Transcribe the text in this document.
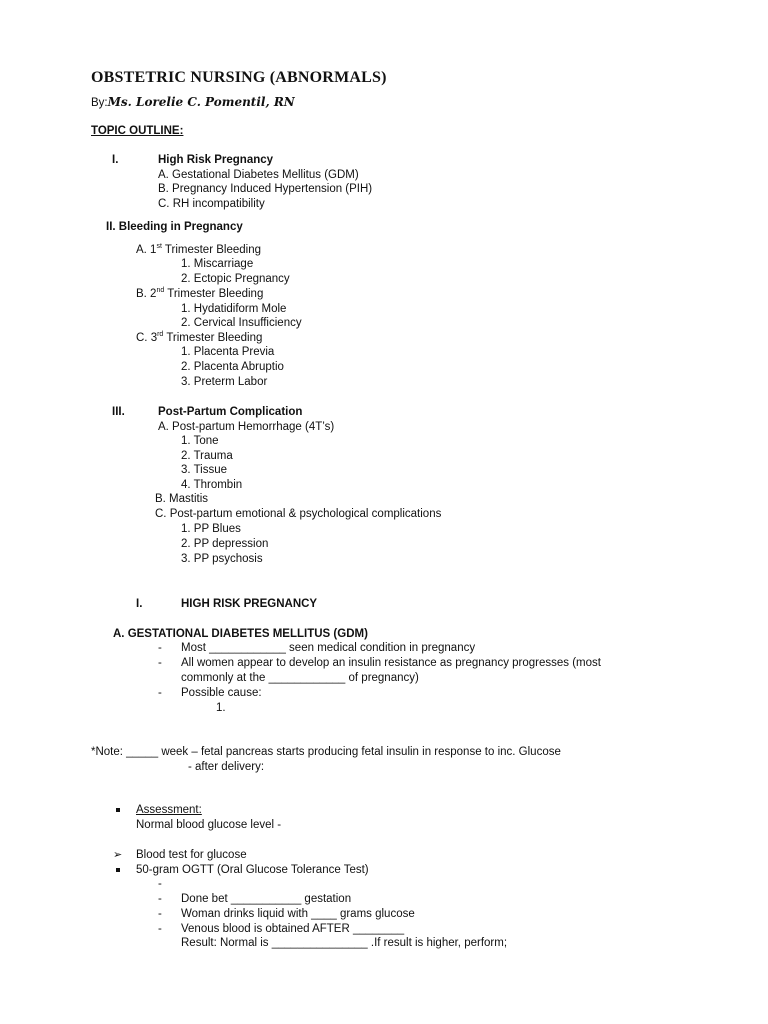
OBSTETRIC NURSING (ABNORMALS)
By:Ms. Lorelie C. Pomentil, RN
TOPIC OUTLINE:
I.	High Risk Pregnancy
A. Gestational Diabetes Mellitus (GDM)
B. Pregnancy Induced Hypertension (PIH)
C. RH incompatibility
II. Bleeding in Pregnancy
A. 1st Trimester Bleeding
1. Miscarriage
2. Ectopic Pregnancy
B. 2nd Trimester Bleeding
1. Hydatidiform Mole
2. Cervical Insufficiency
C. 3rd Trimester Bleeding
1. Placenta Previa
2. Placenta Abruptio
3. Preterm Labor
III.	Post-Partum Complication
A. Post-partum Hemorrhage (4T’s)
1. Tone
2. Trauma
3. Tissue
4. Thrombin
B. Mastitis
C. Post-partum emotional & psychological complications
1. PP Blues
2. PP depression
3. PP psychosis
I.	HIGH RISK PREGNANCY
A. GESTATIONAL DIABETES MELLITUS (GDM)
- Most ____________ seen medical condition in pregnancy
- All women appear to develop an insulin resistance as pregnancy progresses (most
commonly at the ____________ of pregnancy)
- Possible cause:
1.
*Note: _____ week – fetal pancreas starts producing fetal insulin in response to inc. Glucose
- after delivery:
Assessment:
Normal blood glucose level -
➢ Blood test for glucose
50-gram OGTT (Oral Glucose Tolerance Test)
-
- Done bet ___________ gestation
- Woman drinks liquid with ____ grams glucose
- Venous blood is obtained AFTER ________
Result: Normal is _______________ .If result is higher, perform;
